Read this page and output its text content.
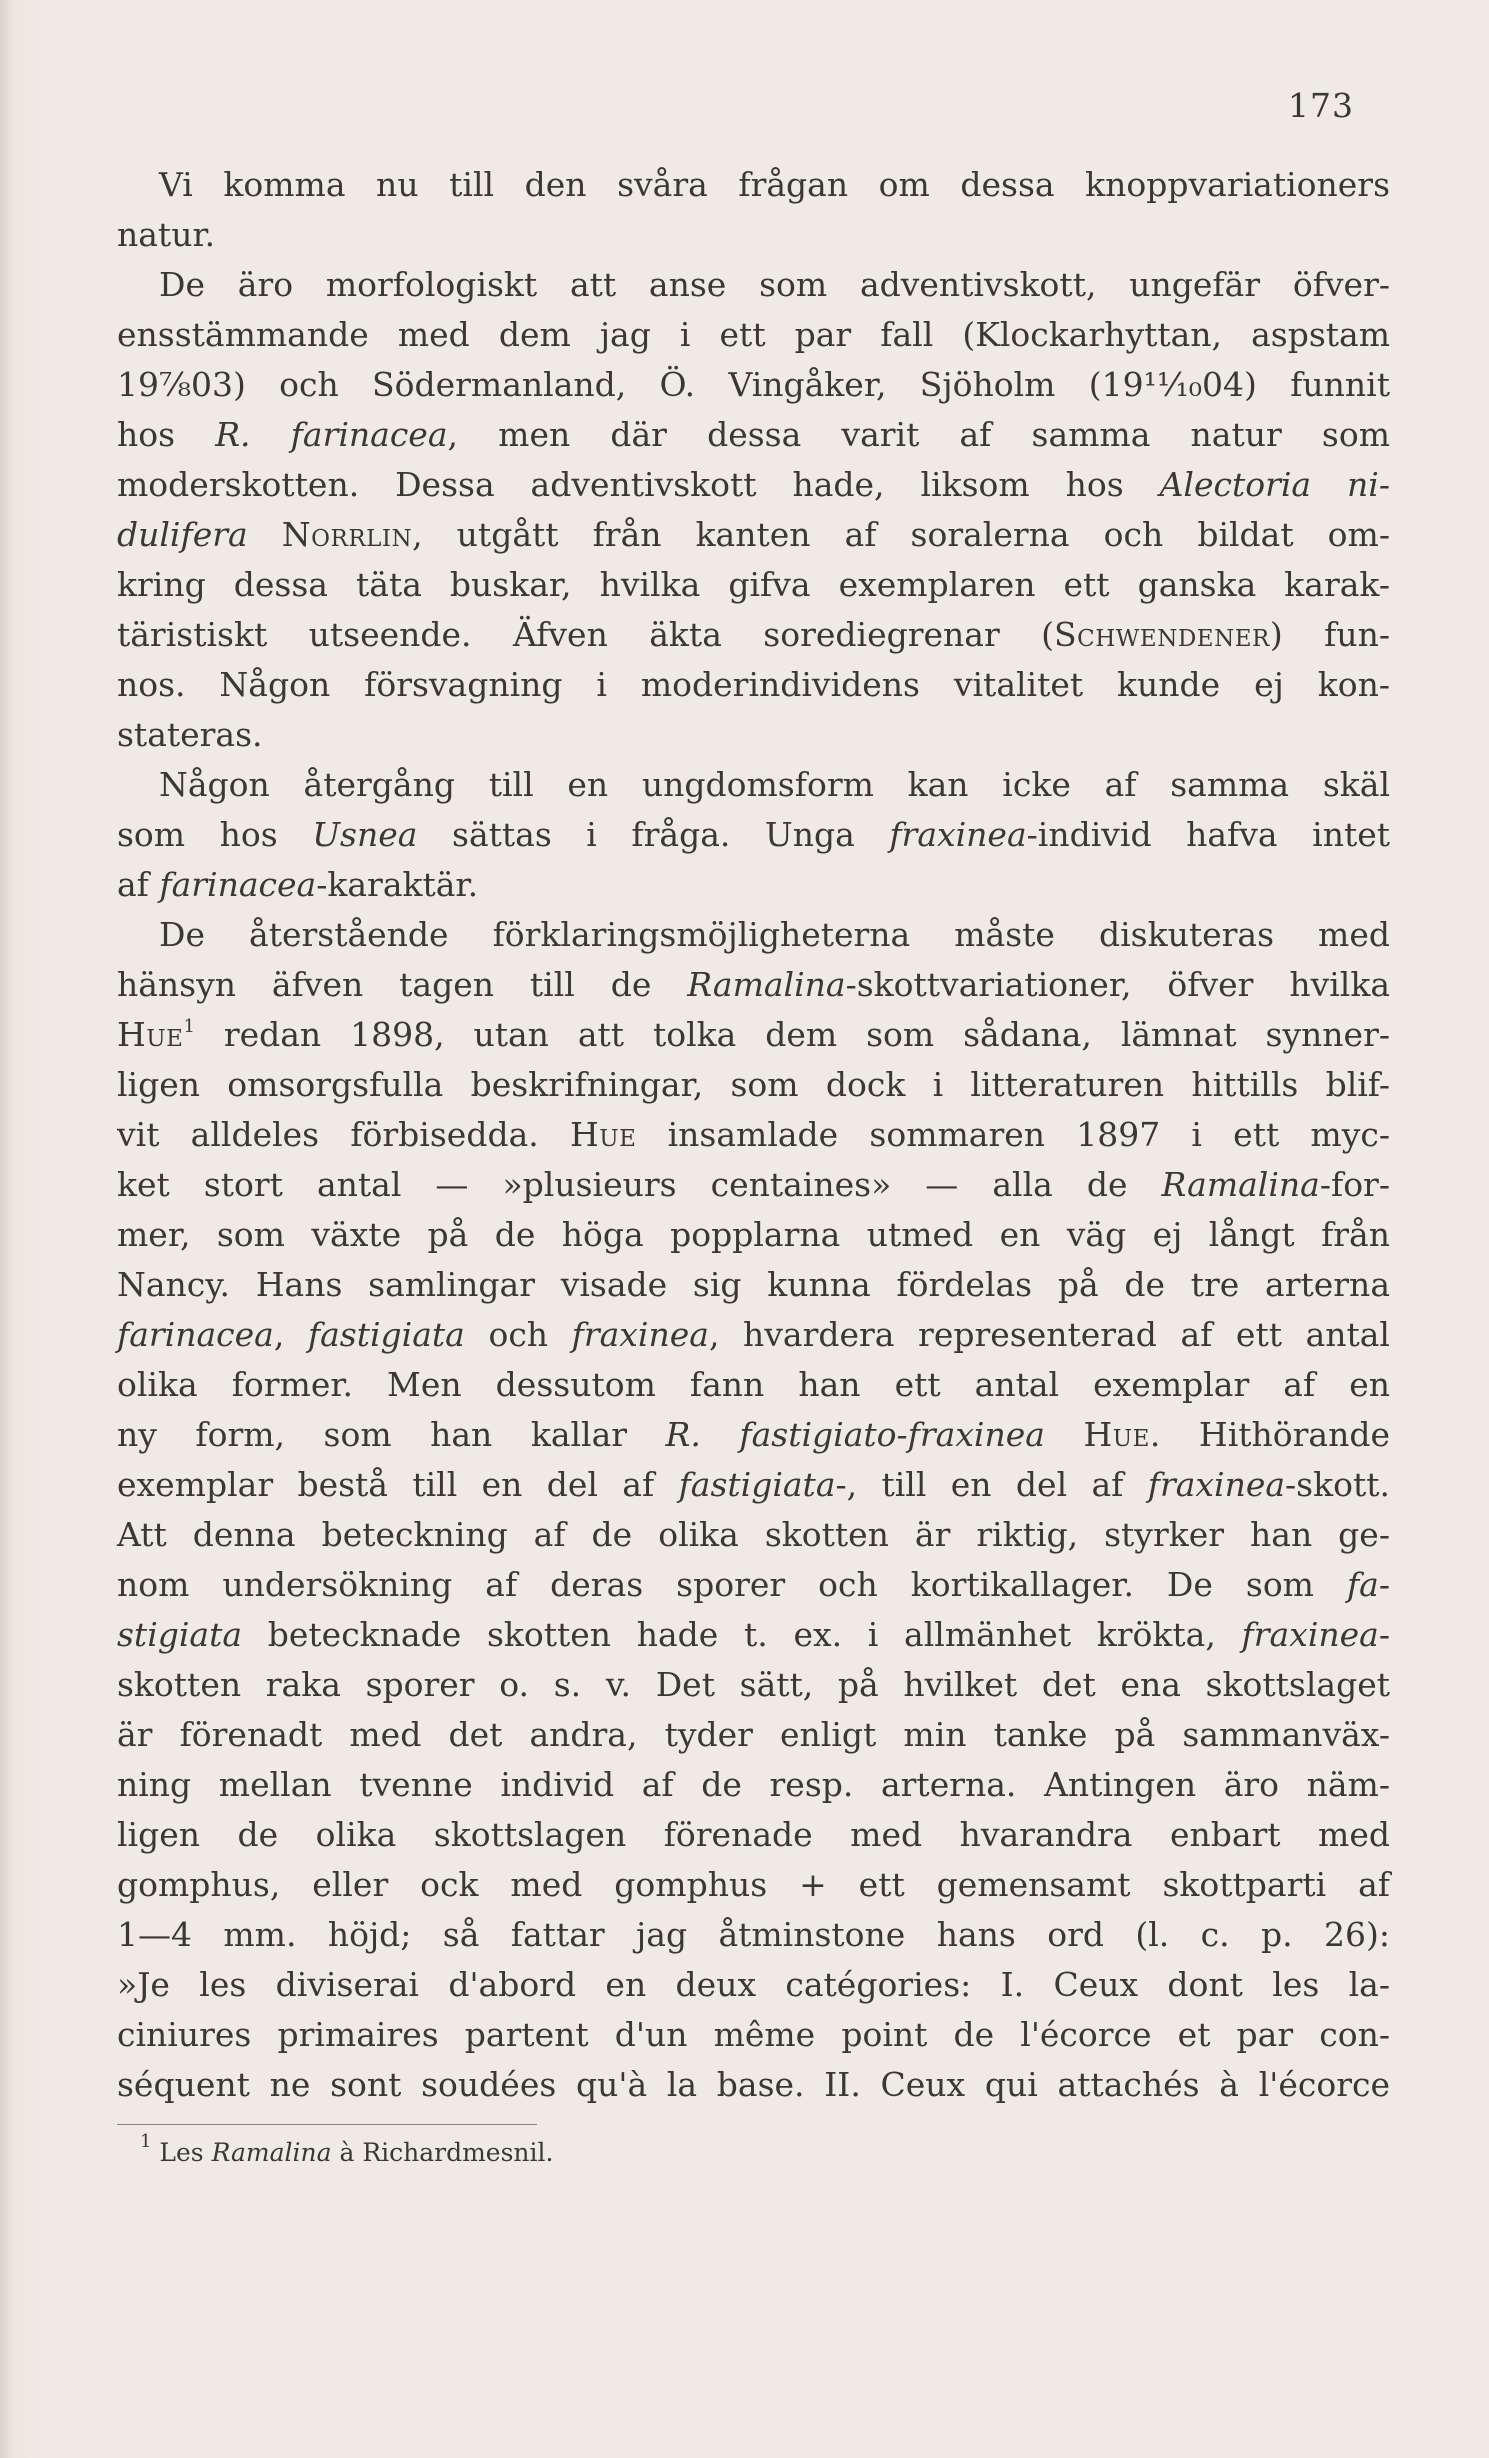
173
Vi komma nu till den svåra frågan om dessa knoppvariationers
natur.
De äro morfologiskt att anse som adventivskott, ungefär öfver-
ensstämmande med dem jag i ett par fall (Klockarhyttan, aspstam
19⁷⁄₈03) och Södermanland, Ö. Vingåker, Sjöholm (19¹¹⁄₁₀04) funnit
hos R. farinacea, men där dessa varit af samma natur som
moderskotten. Dessa adventivskott hade, liksom hos Alectoria ni-
dulifera Norrlin, utgått från kanten af soralerna och bildat om-
kring dessa täta buskar, hvilka gifva exemplaren ett ganska karak-
täristiskt utseende. Äfven äkta sorediegrenar (Schwendener) fun-
nos. Någon försvagning i moderindividens vitalitet kunde ej kon-
stateras.
Någon återgång till en ungdomsform kan icke af samma skäl
som hos Usnea sättas i fråga. Unga fraxinea-individ hafva intet
af farinacea-karaktär.
De återstående förklaringsmöjligheterna måste diskuteras med
hänsyn äfven tagen till de Ramalina-skottvariationer, öfver hvilka
Hue$^1$ redan 1898, utan att tolka dem som sådana, lämnat synner-
ligen omsorgsfulla beskrifningar, som dock i litteraturen hittills blif-
vit alldeles förbisedda. Hue insamlade sommaren 1897 i ett myc-
ket stort antal — »plusieurs centaines» — alla de Ramalina-for-
mer, som växte på de höga popplarna utmed en väg ej långt från
Nancy. Hans samlingar visade sig kunna fördelas på de tre arterna
farinacea, fastigiata och fraxinea, hvardera representerad af ett antal
olika former. Men dessutom fann han ett antal exemplar af en
ny form, som han kallar R. fastigiato-fraxinea Hue. Hithörande
exemplar bestå till en del af fastigiata-, till en del af fraxinea-skott.
Att denna beteckning af de olika skotten är riktig, styrker han ge-
nom undersökning af deras sporer och kortikallager. De som fa-
stigiata betecknade skotten hade t. ex. i allmänhet krökta, fraxinea-
skotten raka sporer o. s. v. Det sätt, på hvilket det ena skottslaget
är förenadt med det andra, tyder enligt min tanke på sammanväx-
ning mellan tvenne individ af de resp. arterna. Antingen äro näm-
ligen de olika skottslagen förenade med hvarandra enbart med
gomphus, eller ock med gomphus + ett gemensamt skottparti af
1—4 mm. höjd; så fattar jag åtminstone hans ord (l. c. p. 26):
»Je les diviserai d'abord en deux catégories: I. Ceux dont les la-
ciniures primaires partent d'un même point de l'écorce et par con-
séquent ne sont soudées qu'à la base. II. Ceux qui attachés à l'écorce
$^1$ Les Ramalina à Richardmesnil.
